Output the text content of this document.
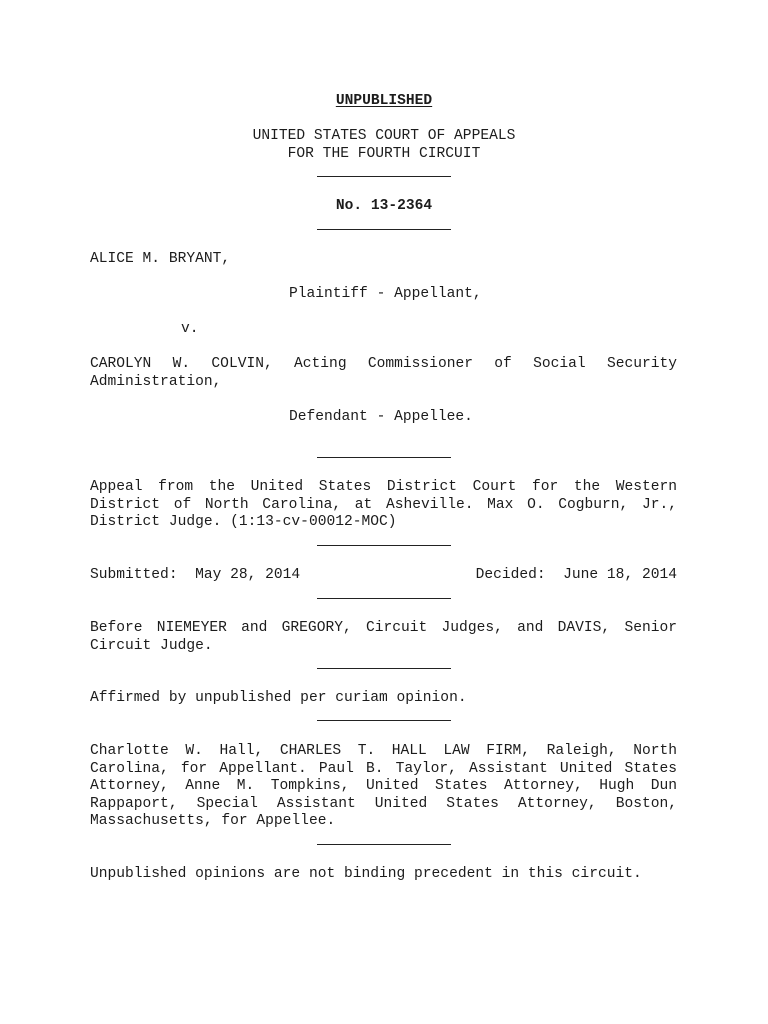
UNPUBLISHED
UNITED STATES COURT OF APPEALS
FOR THE FOURTH CIRCUIT
No. 13-2364
ALICE M. BRYANT,
Plaintiff - Appellant,
v.
CAROLYN W. COLVIN, Acting Commissioner of Social Security
Administration,
Defendant - Appellee.
Appeal from the United States District Court for the Western
District of North Carolina, at Asheville. Max O. Cogburn, Jr.,
District Judge. (1:13-cv-00012-MOC)
Submitted:  May 28, 2014	Decided:  June 18, 2014
Before NIEMEYER and GREGORY, Circuit Judges, and DAVIS, Senior
Circuit Judge.
Affirmed by unpublished per curiam opinion.
Charlotte W. Hall, CHARLES T. HALL LAW FIRM, Raleigh, North
Carolina, for Appellant. Paul B. Taylor, Assistant United States
Attorney, Anne M. Tompkins, United States Attorney, Hugh Dun
Rappaport, Special Assistant United States Attorney, Boston,
Massachusetts, for Appellee.
Unpublished opinions are not binding precedent in this circuit.
